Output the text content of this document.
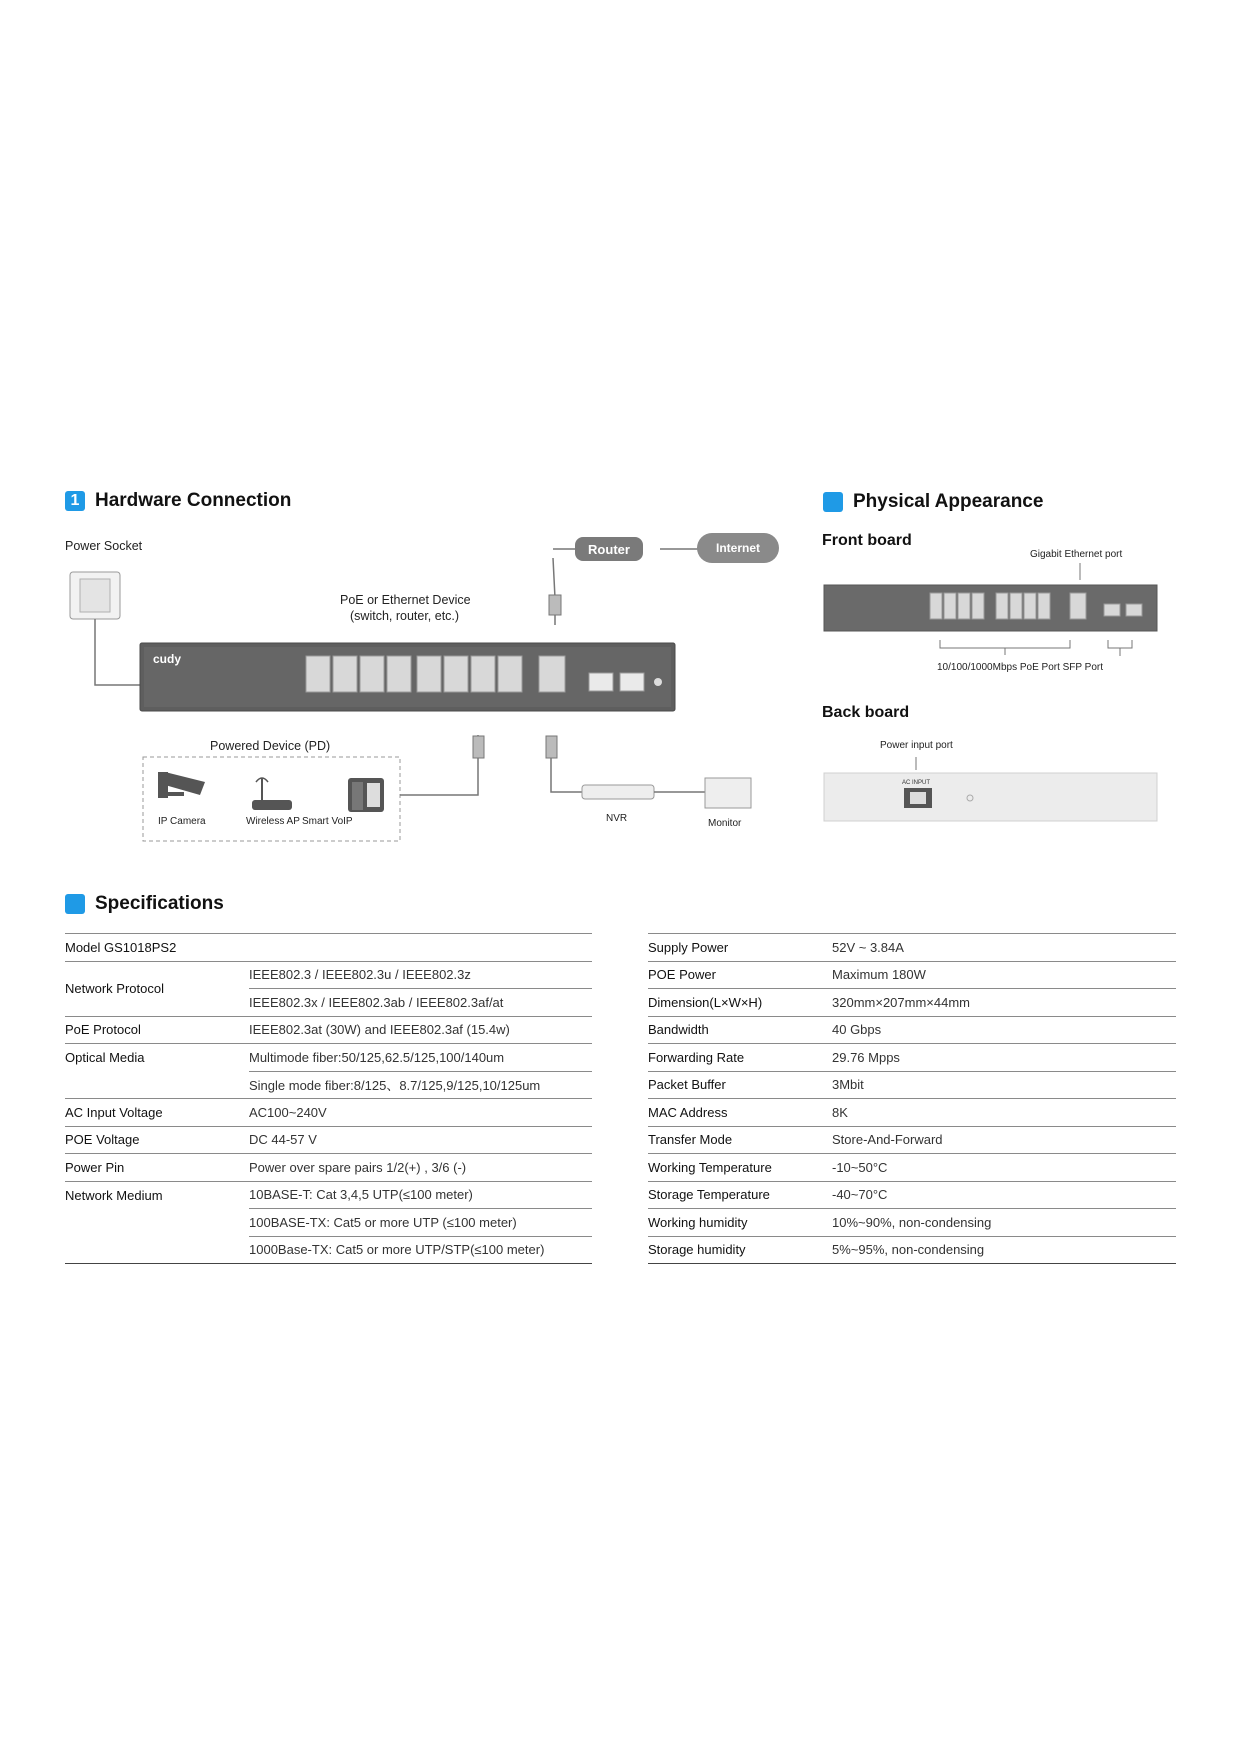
1 Hardware Connection
Power Socket	Router	Internet
PoE or Ethernet Device
(switch, router, etc.)
cudy
Powered Device (PD)
IP Camera	Wireless AP Smart VoIP	NVR	Monitor
Physical Appearance
Front board
Gigabit Ethernet port
10/100/1000Mbps PoE Port SFP Port
Back board
Power input port
AC INPUT
Specifications
Model GS1018PS2	
Network Protocol	IEEE802.3 / IEEE802.3u / IEEE802.3z
	IEEE802.3x / IEEE802.3ab / IEEE802.3af/at
PoE Protocol	IEEE802.3at (30W) and IEEE802.3af (15.4w)
Optical Media	Multimode fiber:50/125,62.5/125,100/140um
	Single mode fiber:8/125、8.7/125,9/125,10/125um
AC Input Voltage	AC100~240V
POE Voltage	DC 44-57 V
Power Pin	Power over spare pairs 1/2(+) , 3/6 (-)
Network Medium	10BASE-T: Cat 3,4,5 UTP(≤100 meter)
	100BASE-TX: Cat5 or more UTP (≤100 meter)
	1000Base-TX: Cat5 or more UTP/STP(≤100 meter)
Supply Power	52V ~ 3.84A
POE Power	Maximum 180W
Dimension(L×W×H)	320mm×207mm×44mm
Bandwidth	40 Gbps
Forwarding Rate	29.76 Mpps
Packet Buffer	3Mbit
MAC Address	8K
Transfer Mode	Store-And-Forward
Working Temperature	-10~50°C
Storage Temperature	-40~70°C
Working humidity	10%~90%, non-condensing
Storage humidity	5%~95%, non-condensing
